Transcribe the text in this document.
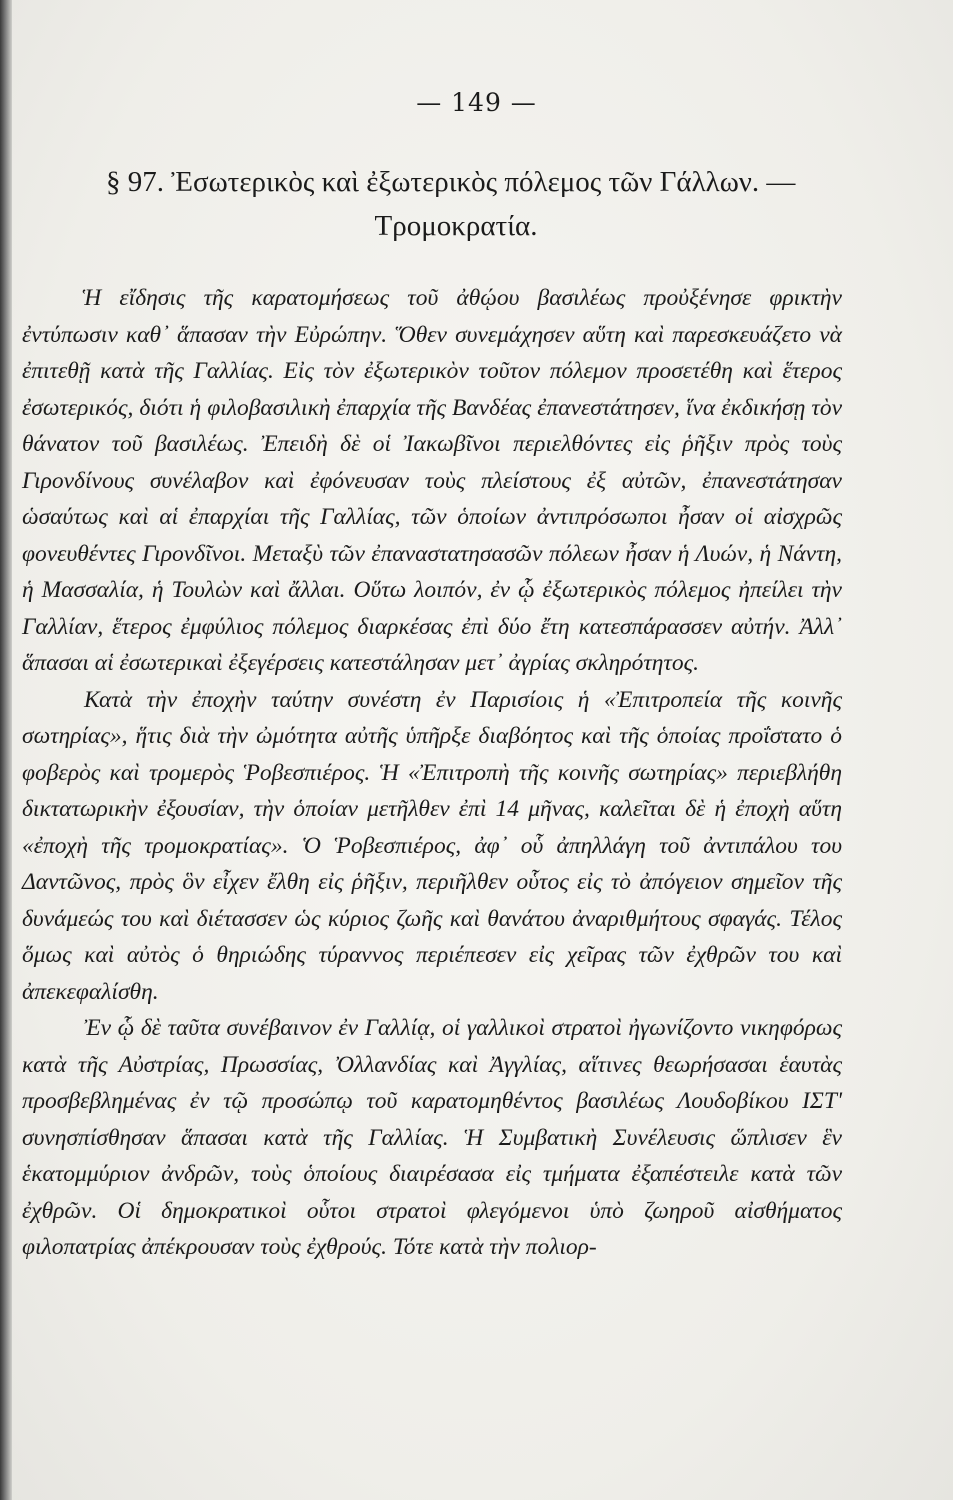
— 149 —
§ 97. Ἐσωτερικὸς καὶ ἐξωτερικὸς πόλεμος τῶν Γάλλων. —
Τρομοκρατία.

Ἡ εἴδησις τῆς καρατομήσεως τοῦ ἀθῴου βασιλέως προὐξένησε φρικτὴν ἐντύπωσιν καθ᾽ ἅπασαν τὴν Εὐρώπην. Ὅθεν συνεμάχησεν αὕτη καὶ παρεσκευάζετο νὰ ἐπιτεθῇ κατὰ τῆς Γαλλίας. Εἰς τὸν ἐξωτερικὸν τοῦτον πόλεμον προσετέθη καὶ ἕτερος ἐσωτερικός, διότι ἡ φιλοβασιλικὴ ἐπαρχία τῆς Βανδέας ἐπανεστάτησεν, ἵνα ἐκδικήσῃ τὸν θάνατον τοῦ βασιλέως. Ἐπειδὴ δὲ οἱ Ἰακωβῖνοι περιελθόντες εἰς ῥῆξιν πρὸς τοὺς Γιρονδίνους συνέλαβον καὶ ἐφόνευσαν τοὺς πλείστους ἐξ αὐτῶν, ἐπανεστάτησαν ὡσαύτως καὶ αἱ ἐπαρχίαι τῆς Γαλλίας, τῶν ὁποίων ἀντιπρόσωποι ἦσαν οἱ αἰσχρῶς φονευθέντες Γιρονδῖνοι. Μεταξὺ τῶν ἐπαναστατησασῶν πόλεων ἦσαν ἡ Λυών, ἡ Νάντη, ἡ Μασσαλία, ἡ Τουλὼν καὶ ἄλλαι. Οὕτω λοιπόν, ἐν ᾧ ἐξωτερικὸς πόλεμος ἠπείλει τὴν Γαλλίαν, ἕτερος ἐμφύλιος πόλεμος διαρκέσας ἐπὶ δύο ἔτη κατεσπάρασσεν αὐτήν. Ἀλλ᾽ ἅπασαι αἱ ἐσωτερικαὶ ἐξεγέρσεις κατεστάλησαν μετ᾽ ἀγρίας σκληρότητος.

Κατὰ τὴν ἐποχὴν ταύτην συνέστη ἐν Παρισίοις ἡ «Ἐπιτροπεία τῆς κοινῆς σωτηρίας», ἥτις διὰ τὴν ὠμότητα αὐτῆς ὑπῆρξε διαβόητος καὶ τῆς ὁποίας προΐστατο ὁ φοβερὸς καὶ τρομερὸς Ῥοβεσπιέρος. Ἡ «Ἐπιτροπὴ τῆς κοινῆς σωτηρίας» περιεβλήθη δικτατωρικὴν ἐξουσίαν, τὴν ὁποίαν μετῆλθεν ἐπὶ 14 μῆνας, καλεῖται δὲ ἡ ἐποχὴ αὕτη «ἐποχὴ τῆς τρομοκρατίας». Ὁ Ῥοβεσπιέρος, ἀφ᾽ οὗ ἀπηλλάγη τοῦ ἀντιπάλου του Δαντῶνος, πρὸς ὃν εἶχεν ἔλθη εἰς ῥῆξιν, περιῆλθεν οὗτος εἰς τὸ ἀπόγειον σημεῖον τῆς δυνάμεώς του καὶ διέτασσεν ὡς κύριος ζωῆς καὶ θανάτου ἀναριθμήτους σφαγάς. Τέλος ὅμως καὶ αὐτὸς ὁ θηριώδης τύραννος περιέπεσεν εἰς χεῖρας τῶν ἐχθρῶν του καὶ ἀπεκεφαλίσθη.

Ἐν ᾧ δὲ ταῦτα συνέβαινον ἐν Γαλλίᾳ, οἱ γαλλικοὶ στρατοὶ ἠγωνίζοντο νικηφόρως κατὰ τῆς Αὐστρίας, Πρωσσίας, Ὀλλανδίας καὶ Ἀγγλίας, αἵτινες θεωρήσασαι ἑαυτὰς προσβεβλημένας ἐν τῷ προσώπῳ τοῦ καρατομηθέντος βασιλέως Λουδοβίκου ΙΣΤ' συνησπίσθησαν ἅπασαι κατὰ τῆς Γαλλίας. Ἡ Συμβατικὴ Συνέλευσις ὥπλισεν ἓν ἑκατομμύριον ἀνδρῶν, τοὺς ὁποίους διαιρέσασα εἰς τμήματα ἐξαπέστειλε κατὰ τῶν ἐχθρῶν. Οἱ δημοκρατικοὶ οὗτοι στρατοὶ φλεγόμενοι ὑπὸ ζωηροῦ αἰσθήματος φιλοπατρίας ἀπέκρουσαν τοὺς ἐχθρούς. Τότε κατὰ τὴν πολιορ-
